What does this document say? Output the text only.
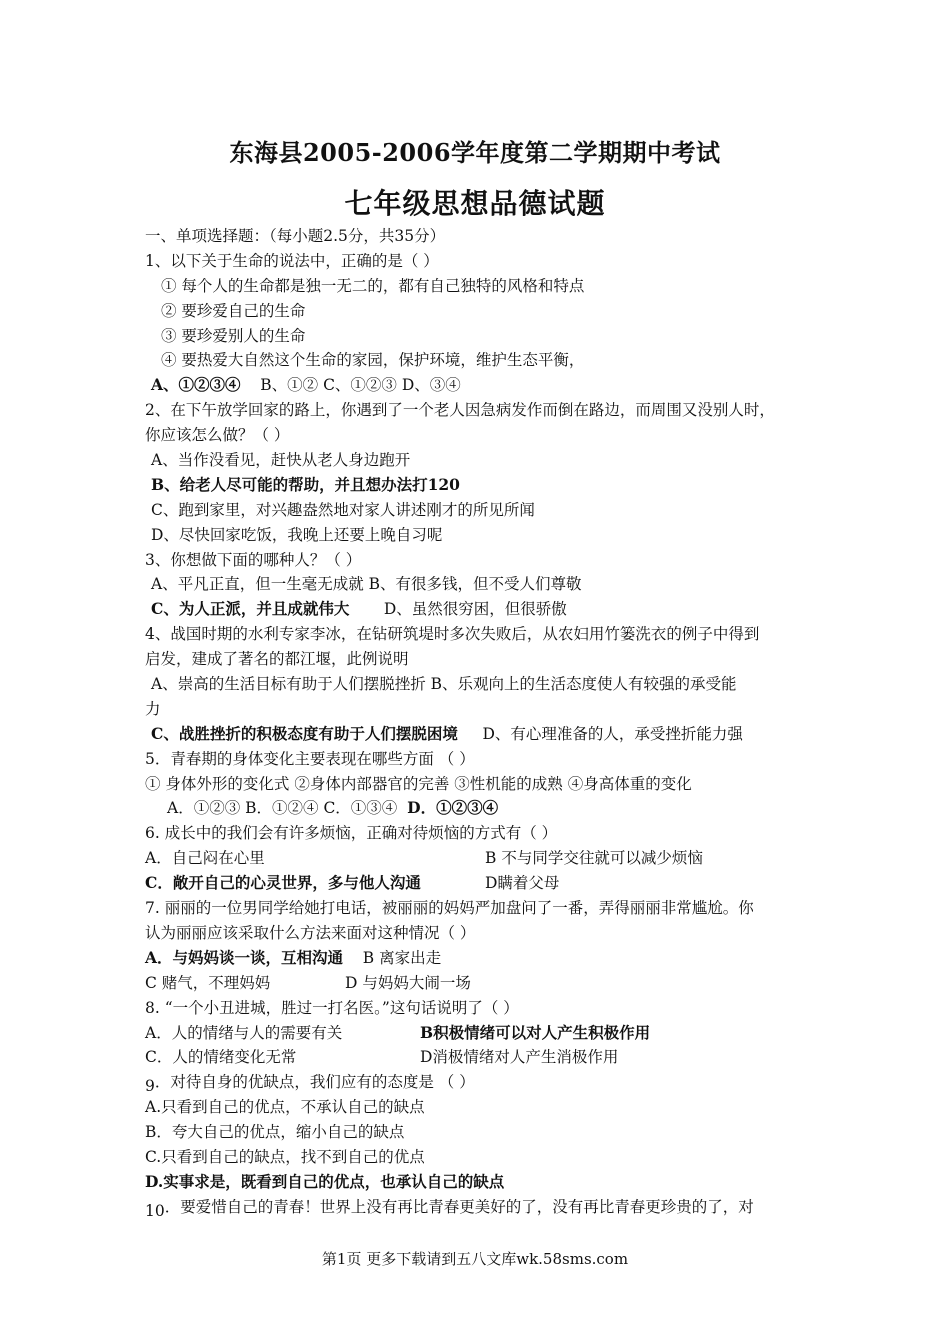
东海县2005-2006学年度第二学期期中考试
七年级思想品德试题
一、单项选择题：（每小题2.5分，共35分）
1、以下关于生命的说法中，正确的是（ ）
① 每个人的生命都是独一无二的，都有自己独特的风格和特点
② 要珍爱自己的生命
③ 要珍爱别人的生命
④ 要热爱大自然这个生命的家园，保护环境，维护生态平衡，
A、①②③④ B、①② C、①②③ D、③④
2、在下午放学回家的路上，你遇到了一个老人因急病发作而倒在路边，而周围又没别人时，
你应该怎么做？（ ）
A、当作没看见，赶快从老人身边跑开
B、给老人尽可能的帮助，并且想办法打120
C、跑到家里，对兴趣盎然地对家人讲述刚才的所见所闻
D、尽快回家吃饭，我晚上还要上晚自习呢
3、你想做下面的哪种人？（ ）
A、平凡正直，但一生毫无成就 B、有很多钱，但不受人们尊敬
C、为人正派，并且成就伟大 D、虽然很穷困，但很骄傲
4、战国时期的水利专家李冰，在钻研筑堤时多次失败后，从农妇用竹篓洗衣的例子中得到
启发，建成了著名的都江堰，此例说明
A、崇高的生活目标有助于人们摆脱挫折 B、乐观向上的生活态度使人有较强的承受能
力
C、战胜挫折的积极态度有助于人们摆脱困境 D、有心理准备的人，承受挫折能力强
5．青春期的身体变化主要表现在哪些方面 （ ）
① 身体外形的变化式 ②身体内部器官的完善 ③性机能的成熟 ④身高体重的变化
A．①②③ B．①②④ C．①③④ D．①②③④
6. 成长中的我们会有许多烦恼，正确对待烦恼的方式有（ ）
A．自己闷在心里	B 不与同学交往就可以减少烦恼
C．敞开自己的心灵世界，多与他人沟通	D瞒着父母
7. 丽丽的一位男同学给她打电话，被丽丽的妈妈严加盘问了一番，弄得丽丽非常尴尬。你
认为丽丽应该采取什么方法来面对这种情况（ ）
A．与妈妈谈一谈，互相沟通 B 离家出走
C 赌气，不理妈妈	D 与妈妈大闹一场
8. “一个小丑进城，胜过一打名医。”这句话说明了（ ）
A．人的情绪与人的需要有关	B积极情绪可以对人产生积极作用
C．人的情绪变化无常	D消极情绪对人产生消极作用
9．对待自身的优缺点，我们应有的态度是 （ ）
A.只看到自己的优点，不承认自己的缺点
B．夸大自己的优点，缩小自己的缺点
C.只看到自己的缺点，找不到自己的优点
D.实事求是，既看到自己的优点，也承认自己的缺点
10．要爱惜自己的青春！世界上没有再比青春更美好的了，没有再比青春更珍贵的了，对
第1页 更多下载请到五八文库wk.58sms.com
